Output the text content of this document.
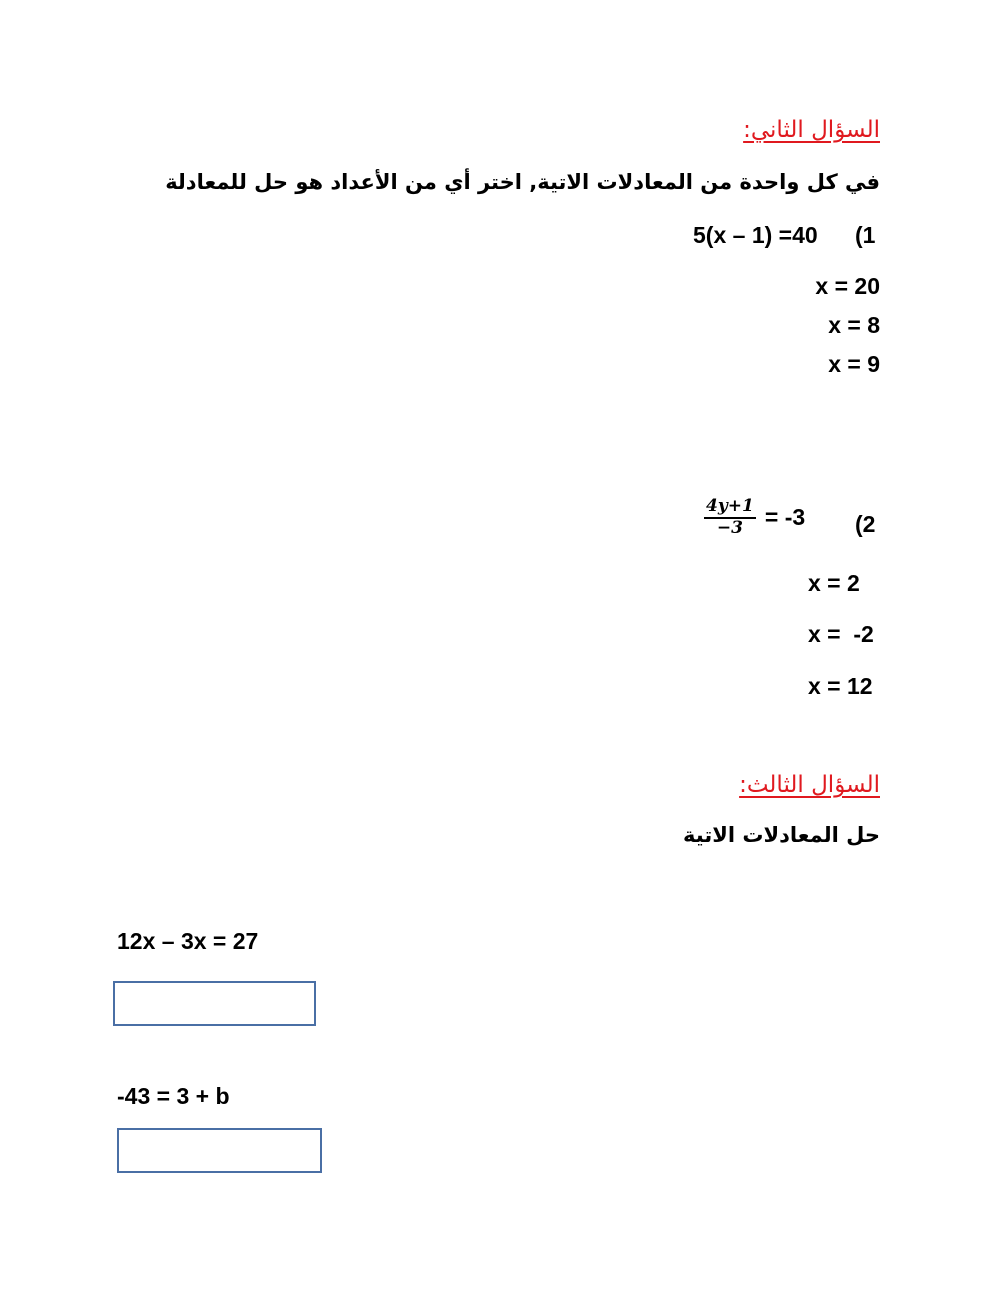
السؤال الثاني:
في كل واحدة من المعادلات الاتية, اختر أي من الأعداد هو حل للمعادلة
5(x – 1) =40 (1
x = 20
x = 8
x = 9
$\frac{4y+1}{-3} = -3$ (2
x = 2
x =  -2
x = 12
السؤال الثالث:
حل المعادلات الاتية
12x – 3x = 27
-43 = 3 + b
